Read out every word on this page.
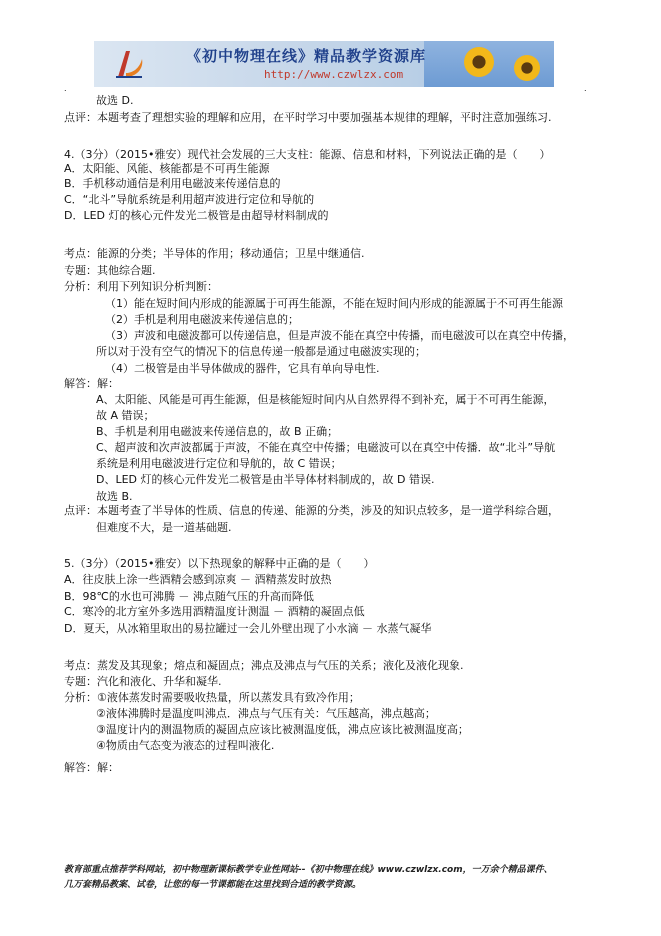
《初中物理在线》精品教学资源库
http://www.czwlzx.com
.	.
故选 D.
点评：本题考查了理想实验的理解和应用，在平时学习中要加强基本规律的理解，平时注意加强练习.
4.（3分）（2015•雅安）现代社会发展的三大支柱：能源、信息和材料，下列说法正确的是（　　）
A．太阳能、风能、核能都是不可再生能源
B．手机移动通信是利用电磁波来传递信息的
C．“北斗”导航系统是利用超声波进行定位和导航的
D．LED 灯的核心元件发光二极管是由超导材料制成的
考点：能源的分类；半导体的作用；移动通信；卫星中继通信.
专题：其他综合题.
分析：利用下列知识分析判断：
（1）能在短时间内形成的能源属于可再生能源，不能在短时间内形成的能源属于不可再生能源
（2）手机是利用电磁波来传递信息的；
（3）声波和电磁波都可以传递信息，但是声波不能在真空中传播，而电磁波可以在真空中传播，
所以对于没有空气的情况下的信息传递一般都是通过电磁波实现的；
（4）二极管是由半导体做成的器件，它具有单向导电性.
解答：解：
A、太阳能、风能是可再生能源，但是核能短时间内从自然界得不到补充，属于不可再生能源，
故 A 错误；
B、手机是利用电磁波来传递信息的，故 B 正确；
C、超声波和次声波都属于声波，不能在真空中传播；电磁波可以在真空中传播．故“北斗”导航
系统是利用电磁波进行定位和导航的，故 C 错误；
D、LED 灯的核心元件发光二极管是由半导体材料制成的，故 D 错误.
故选 B.
点评：本题考查了半导体的性质、信息的传递、能源的分类，涉及的知识点较多，是一道学科综合题，
但难度不大，是一道基础题.
5.（3分）（2015•雅安）以下热现象的解释中正确的是（　　）
A．往皮肤上涂一些酒精会感到凉爽 － 酒精蒸发时放热
B．98℃的水也可沸腾 － 沸点随气压的升高而降低
C．寒冷的北方室外多选用酒精温度计测温 － 酒精的凝固点低
D．夏天，从冰箱里取出的易拉罐过一会儿外壁出现了小水滴 － 水蒸气凝华
考点：蒸发及其现象；熔点和凝固点；沸点及沸点与气压的关系；液化及液化现象.
专题：汽化和液化、升华和凝华.
分析：①液体蒸发时需要吸收热量，所以蒸发具有致冷作用；
②液体沸腾时是温度叫沸点．沸点与气压有关：气压越高，沸点越高；
③温度计内的测温物质的凝固点应该比被测温度低，沸点应该比被测温度高；
④物质由气态变为液态的过程叫液化.
解答：解：
教育部重点推荐学科网站，初中物理新课标教学专业性网站--《初中物理在线》www.czwlzx.com，一万余个精品课件、
几万套精品教案、试卷，让您的每一节课都能在这里找到合适的教学资源。
